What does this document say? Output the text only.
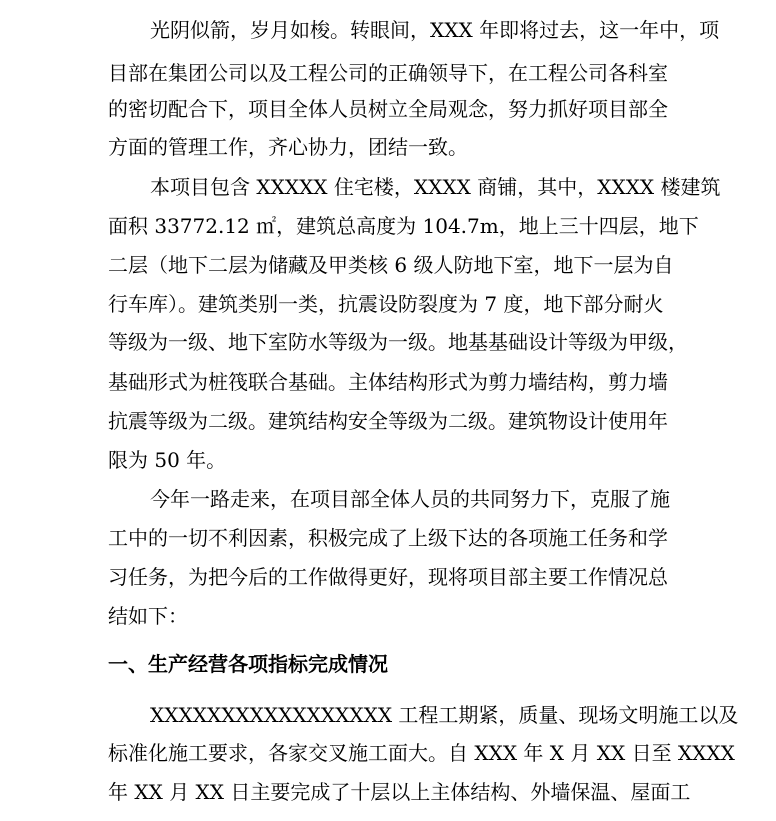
光阴似箭，岁月如梭。转眼间，XXX 年即将过去，这一年中，项
目部在集团公司以及工程公司的正确领导下，在工程公司各科室
的密切配合下，项目全体人员树立全局观念，努力抓好项目部全
方面的管理工作，齐心协力，团结一致。
本项目包含 XXXXX 住宅楼，XXXX 商铺，其中，XXXX 楼建筑
面积 33772.12 ㎡，建筑总高度为 104.7m，地上三十四层，地下
二层（地下二层为储藏及甲类核 6 级人防地下室，地下一层为自
行车库）。建筑类别一类，抗震设防裂度为 7 度，地下部分耐火
等级为一级、地下室防水等级为一级。地基基础设计等级为甲级，
基础形式为桩筏联合基础。主体结构形式为剪力墙结构，剪力墙
抗震等级为二级。建筑结构安全等级为二级。建筑物设计使用年
限为 50 年。
今年一路走来，在项目部全体人员的共同努力下，克服了施
工中的一切不利因素，积极完成了上级下达的各项施工任务和学
习任务，为把今后的工作做得更好，现将项目部主要工作情况总
结如下：
一、生产经营各项指标完成情况
XXXXXXXXXXXXXXXXX 工程工期紧，质量、现场文明施工以及
标准化施工要求，各家交叉施工面大。自 XXX 年 X 月 XX 日至 XXXX
年 XX 月 XX 日主要完成了十层以上主体结构、外墙保温、屋面工
